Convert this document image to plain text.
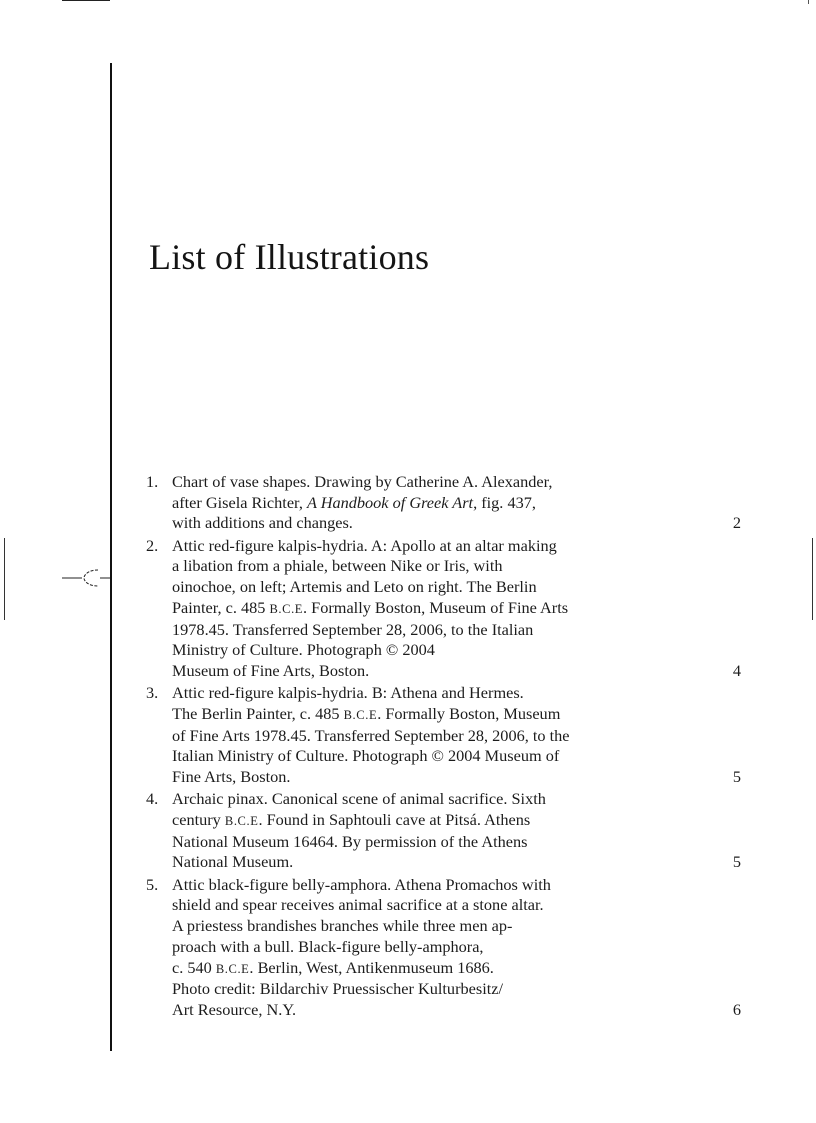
List of Illustrations
1. Chart of vase shapes. Drawing by Catherine A. Alexander,
after Gisela Richter, A Handbook of Greek Art, fig. 437,
with additions and changes.	2
2. Attic red-figure kalpis-hydria. A: Apollo at an altar making
a libation from a phiale, between Nike or Iris, with
oinochoe, on left; Artemis and Leto on right. The Berlin
Painter, c. 485 B.C.E. Formally Boston, Museum of Fine Arts
1978.45. Transferred September 28, 2006, to the Italian
Ministry of Culture. Photograph © 2004
Museum of Fine Arts, Boston.	4
3. Attic red-figure kalpis-hydria. B: Athena and Hermes.
The Berlin Painter, c. 485 B.C.E. Formally Boston, Museum
of Fine Arts 1978.45. Transferred September 28, 2006, to the
Italian Ministry of Culture. Photograph © 2004 Museum of
Fine Arts, Boston.	5
4. Archaic pinax. Canonical scene of animal sacrifice. Sixth
century B.C.E. Found in Saphtouli cave at Pitsá. Athens
National Museum 16464. By permission of the Athens
National Museum.	5
5. Attic black-figure belly-amphora. Athena Promachos with
shield and spear receives animal sacrifice at a stone altar.
A priestess brandishes branches while three men ap-
proach with a bull. Black-figure belly-amphora,
c. 540 B.C.E. Berlin, West, Antikenmuseum 1686.
Photo credit: Bildarchiv Pruessischer Kulturbesitz/
Art Resource, N.Y.	6
